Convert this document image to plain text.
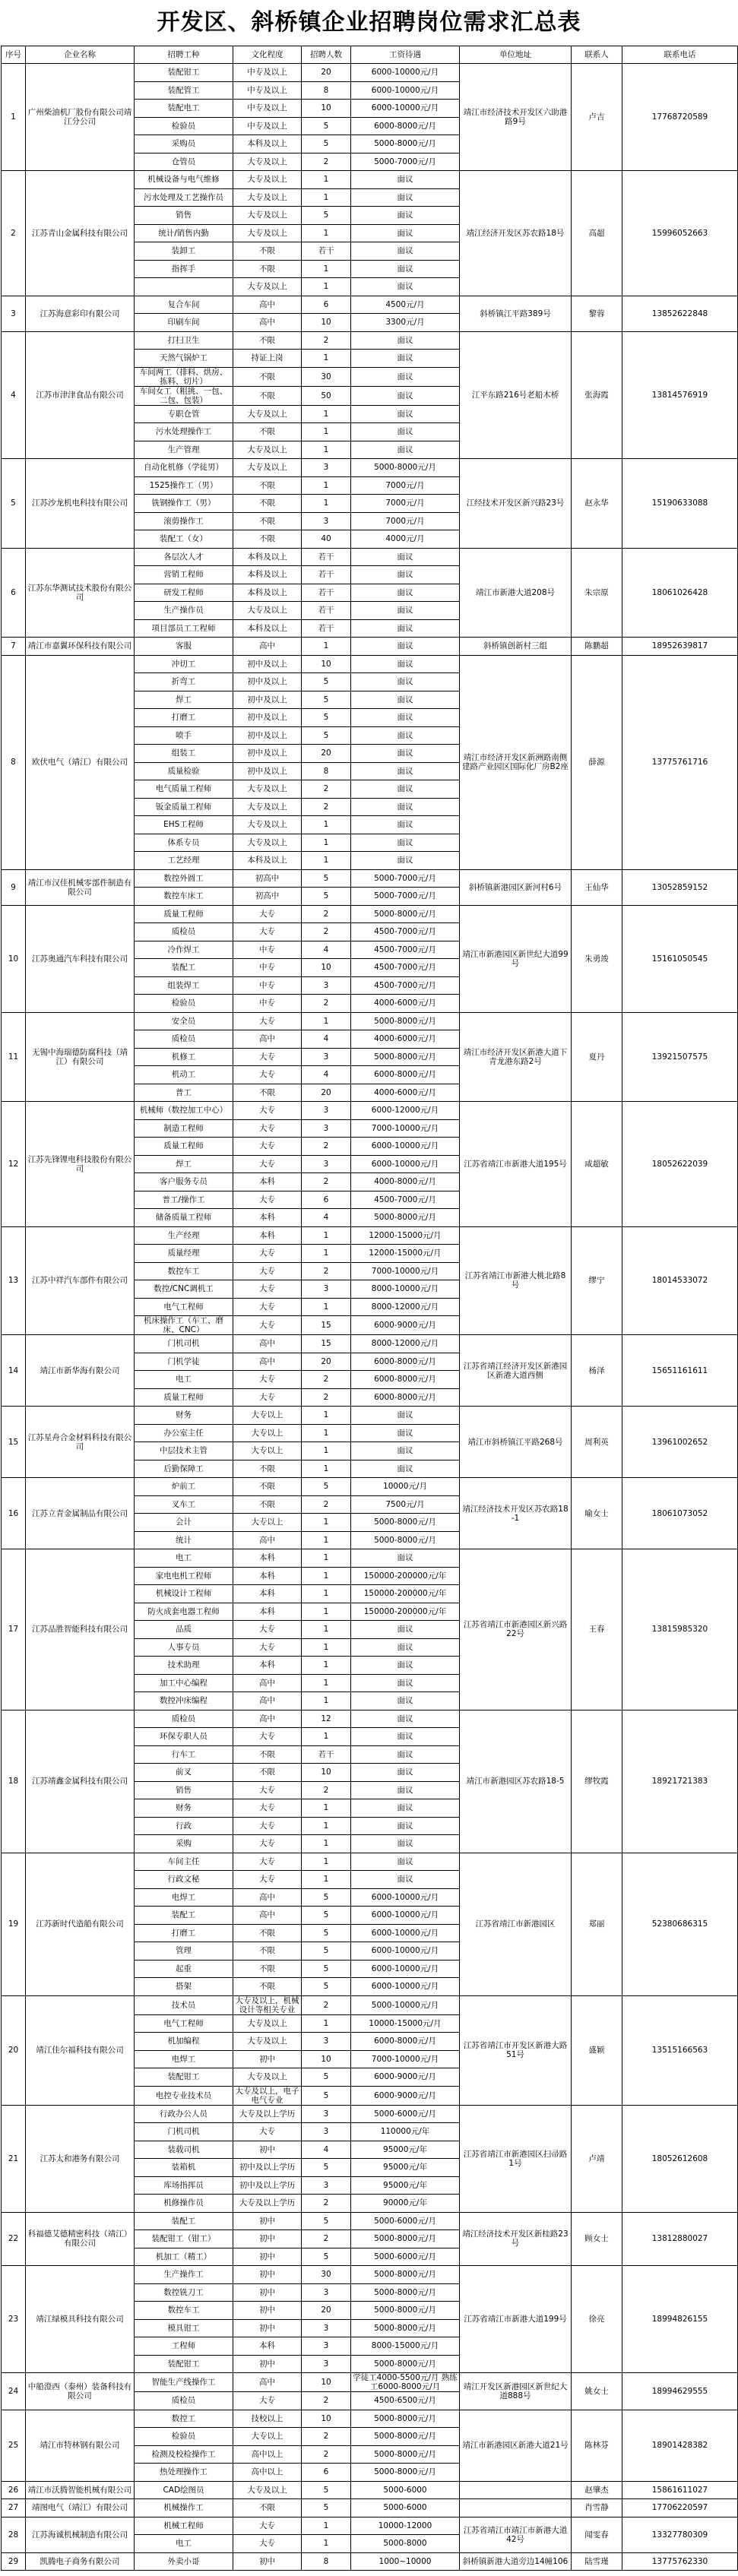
开发区、斜桥镇企业招聘岗位需求汇总表
序号	企业名称	招聘工种	文化程度	招聘人数	工资待遇	单位地址	联系人	联系电话
1	广州柴油机厂股份有限公司靖江分公司	装配钳工	中专及以上	20	6000-10000元/月	靖江市经济技术开发区六助港路9号	卢吉	17768720589
		装配管工	中专及以上	8	6000-10000元/月			
		装配电工	中专及以上	10	6000-10000元/月			
		检验员	中专及以上	5	6000-8000元/月			
		采购员	本科及以上	5	5000-8000元/月			
		仓管员	大专及以上	2	5000-7000元/月			
2	江苏青山金属科技有限公司	机械设备与电气维修	大专及以上	1	面议	靖江经济开发区苏农路18号	高超	15996052663
		污水处理及工艺操作员	大专及以上	1	面议			
		销售	大专及以上	5	面议			
		统计/销售内勤	大专及以上	1	面议			
		装卸工	不限	若干	面议			
		指挥手	不限	1	面议			
			大专及以上	1	面议			
3	江苏海意彩印有限公司	复合车间	高中	6	4500元/月	斜桥镇江平路389号	黎蓉	13852622848
		印刷车间	高中	10	3300元/月			
4	江苏市津津食品有限公司	打扫卫生	不限	2	面议	江平东路216号老船木桥	张海霞	13814576919
		天然气锅炉工	持证上岗	1	面议			
		车间两工（排料、烘房、拣料、切片）	不限	30	面议			
		车间女工（粗挑、一包、二包、包装）	不限	50	面议			
		专职仓管	大专及以上	1	面议			
		污水处理操作工	不限	1	面议			
		生产管理	大专及以上	1	面议			
5	江苏沙龙机电科技有限公司	自动化机修（学徒男）	大专及以上	3	5000-8000元/月	江经技术开发区新兴路23号	赵永华	15190633088
		1525操作工（男）	不限	1	7000元/月			
		铣钢操作工（男）	不限	1	7000元/月			
		滚剪操作工	不限	3	7000元/月			
		装配工（女）	不限	40	4000元/月			
6	江苏东华测试技术股份有限公司	各层次人才	本科及以上	若干	面议	靖江市新港大道208号	朱宗原	18061026428
		营销工程师	本科及以上	若干	面议			
		研发工程师	本科及以上	若干	面议			
		生产操作员	大专及以上	若干	面议			
		项目部员工工程师	本科及以上	若干	面议			
7	靖江市嘉翼环保科技有限公司	客服	高中	1	面议	斜桥镇创新村三组	陈鹏超	18952639817
8	欧伏电气（靖江）有限公司	冲切工	初中及以上	10	面议	靖江市经济开发区新洲路南侧建路产业园区国际化厂房B2座	薛源	13775761716
		折弯工	初中及以上	5	面议			
		焊工	初中及以上	5	面议			
		打磨工	初中及以上	5	面议			
		喷手	初中及以上	5	面议			
		组装工	初中及以上	20	面议			
		质量检验	初中及以上	8	面议			
		电气质量工程师	大专及以上	2	面议			
		钣金质量工程师	大专及以上	2	面议			
		EHS工程师	大专及以上	1	面议			
		体系专员	大专及以上	1	面议			
		工艺经理	本科及以上	1	面议			
9	靖江市汉佳机械零部件制造有限公司	数控外圆工	初高中	5	5000-7000元/月	斜桥镇新港园区新河村6号	王仙华	13052859152
		数控车床工	初高中	5	5000-7000元/月			
10	江苏奥通汽车科技有限公司	质量工程师	大专	2	5000-8000元/月	靖江市新港园区新世纪大道99号	朱勇竣	15161050545
		质检员	大专	2	4500-7000元/月			
		冷作焊工	中专	4	4500-7000元/月			
		装配工	中专	10	4500-7000元/月			
		组装焊工	中专	3	4500-7000元/月			
		检验员	中专	2	4000-6000元/月			
11	无锡中海瑞德防腐科技（靖江）有限公司	安全员	大专	1	5000-8000元/月	靖江市经济开发区新港大道下青龙港东路2号	夏丹	13921507575
		质检员	高中	4	4000-6000元/月			
		机修工	大专	3	5000-8000元/月			
		机动工	大专	4	6000-8000元/月			
		普工	不限	20	4000-6000元/月			
12	江苏先锋锂电科技股份有限公司	机械师（数控加工中心）	大专	3	6000-12000元/月	江苏省靖江市新港大道195号	咸超敏	18052622039
		制造工程师	大专	3	7000-10000元/月			
		质量工程师	大专	2	6000-10000元/月			
		焊工	大专	3	6000-10000元/月			
		客户服务专员	本科	2	4000-8000元/月			
		普工/操作工	大专	6	4500-7000元/月			
		储备质量工程师	本科	4	5000-8000元/月			
13	江苏中祥汽车部件有限公司	生产经理	本科	1	12000-15000元/月	江苏省靖江市新港大桃北路8号	缪宁	18014533072
		质量经理	大专	1	12000-15000元/月			
		数控车工	大专	2	7000-10000元/月			
		数控/CNC调机工	大专	3	8000-10000元/月			
		电气工程师	大专	1	8000-12000元/月			
		机床操作工（车工、磨床、CNC）	大专	15	6000-9000元/月			
14	靖江市新华海有限公司	门机司机	高中	15	8000-12000元/月	江苏省靖江经济开发区新港园区新港大道西侧	杨泽	15651161611
		门机学徒	高中	20	6000-8000元/月			
		电工	大专	2	6000-8000元/月			
		质量工程师	大专	2	6000-8000元/月			
15	江苏星舟合金材料科技有限公司	财务	大专以上	1	面议	靖江市斜桥镇江平路268号	周利英	13961002652
		办公室主任	大专以上	1	面议			
		中层技术主管	大专以上	1	面议			
		后勤保障工	不限	1	面议			
16	江苏立青金属制品有限公司	炉前工	不限	5	10000元/月	靖江经济技术开发区苏农路18-1	喻女士	18061073052
		叉车工	不限	2	7500元/月			
		会计	大专以上	1	5000-8000元/月			
		统计	高中	1	5000-8000元/月			
17	江苏品胜智能科技有限公司	电工	本科	1	面议	江苏省靖江市新港园区新兴路22号	王春	13815985320
		家电电机工程师	本科	1	150000-200000元/年			
		机械设计工程师	本科	1	150000-200000元/年			
		防火成套电器工程师	本科	1	150000-200000元/年			
		品质	大专	1	面议			
		人事专员	大专	1	面议			
		技术助理	本科	1	面议			
		加工中心编程	高中	1	面议			
		数控冲床编程	高中	1	面议			
18	江苏靖鑫金属科技有限公司	质检员	高中	12	面议	靖江市新港园区苏农路18-5	缪牧霞	18921721383
		环保专职人员	大专	1	面议			
		行车工	不限	若干	面议			
		前叉	不限	10	面议			
		销售	大专	2	面议			
		财务	大专	1	面议			
		行政	大专	1	面议			
		采购	大专	1	面议			
19	江苏新时代造船有限公司	车间主任	大专	1	面议	江苏省靖江市新港园区	郑丽	52380686315
		行政文秘	大专	1	面议			
		电焊工	高中	5	6000-10000元/月			
		装配工	高中	5	6000-10000元/月			
		打磨工	不限	5	6000-10000元/月			
		管理	不限	5	6000-10000元/月			
		起重	不限	5	6000-10000元/月			
		搭架	不限	5	6000-10000元/月			
20	靖江佳尔福科技有限公司	技术员	大专及以上，机械设计等相关专业	2	5000-10000元/月	江苏省靖江市开发区新港大路51号	盛颖	13515166563
		电气工程师	大专及以上	1	10000-15000元/月			
		机加编程	大专及以上	3	6000-8000元/月			
		电焊工	初中	10	7000-10000元/月			
		装配钳工	大专及以上	5	6000-9000元/月			
		电控专业技术员	大专及以上，电子电气专业	5	6000-9000元/月			
21	江苏太和港务有限公司	行政办公人员	大专及以上学历	3	5000-6000元/月	江苏省靖江市新港园区扫帚路1号	卢靖	18052612608
		门机司机	大专	3	110000元/年			
		装载司机	初中	4	95000元/年			
		装箱机	初中及以上学历	5	95000元/年			
		库场指挥员	初中及以上学历	3	95000元/年			
		机修操作员	大专及以上学历	2	90000元/年			
22	科福德艾德精密科技（靖江）有限公司	装配工	初中	5	5000-6000元/月	靖江经济技术开发区新桂路23号	顾女士	13812880027
		装配钳工（钳工）	初中	2	5000-8000元/月			
		机加工（精工）	初中	5	5000-6000元/月			
23	靖江绿模具科技有限公司	生产操作工	初中	30	5000-8000元/月	江苏省靖江市新港大道199号	徐亮	18994826155
		数控铣刀工	初中	3	5000-8000元/月			
		数控车工	初中	20	5000-8000元/月			
		模具钳工	初中	3	5000-8000元/月			
		工程师	本科	3	8000-15000元/月			
		装配钳工	初中	3	5000-8000元/月			
24	中船澄西（泰州）装备科技有限公司	智能生产线操作工	高中	10	学徒工4000-5500元/月 熟练工6000-8000元/月	靖江开发区新港园区新世纪大道888号	姚女士	18994629555
		质检员	大专	2	4500-6500元/月			
25	靖江市特林钢有限公司	数控工	技校以上	10	5000-8000元/月	靖江市新港园区新港大道21号	陈林芬	18901428382
		检验员	大专以上	2	5000-8000元/月			
		检测及校检操作工	高中以上	2	5000-8000元/月			
		热处理操作工	高中以上	6	5000-8000元/月			
26	靖江市沃腾智能机械有限公司	CAD绘图员	大专及以上	5	5000-6000		赵肇杰	15861611027
27	靖图电气（靖江）有限公司	机械操作工	不限	5	5000-6000		肖雪静	17706220597
28	江苏海诚机械制造有限公司	机械工程师	大专	1	10000-12000	江苏省靖江市靖江市新港大道42号	闻雯春	13327780309
		电工	大专	1	5000-8000			
29	凯腾电子商务有限公司	外卖小哥	初中	8	1000~10000	斜桥镇新港大道旁边14幢106	陆雪瑾	13775762330
